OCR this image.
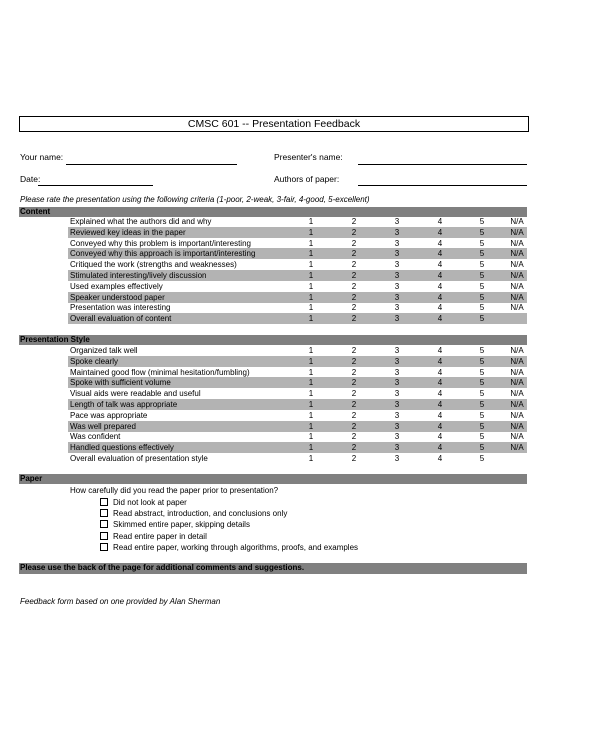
CMSC 601 -- Presentation Feedback
Your name:	Presenter's name:
Date:	Authors of paper:
Please rate the presentation using the following criteria (1-poor, 2-weak, 3-fair, 4-good, 5-excellent)
Content
Explained what the authors did and why	1	2	3	4	5	N/A
Reviewed key ideas in the paper	1	2	3	4	5	N/A
Conveyed why this problem is important/interesting	1	2	3	4	5	N/A
Conveyed why this approach is important/interesting	1	2	3	4	5	N/A
Critiqued the work (strengths and weaknesses)	1	2	3	4	5	N/A
Stimulated interesting/lively discussion	1	2	3	4	5	N/A
Used examples effectively	1	2	3	4	5	N/A
Speaker understood paper	1	2	3	4	5	N/A
Presentation was interesting	1	2	3	4	5	N/A
Overall evaluation of content	1	2	3	4	5
Presentation Style
Organized talk well	1	2	3	4	5	N/A
Spoke clearly	1	2	3	4	5	N/A
Maintained good flow (minimal hesitation/fumbling)	1	2	3	4	5	N/A
Spoke with sufficient volume	1	2	3	4	5	N/A
Visual aids were readable and useful	1	2	3	4	5	N/A
Length of talk was appropriate	1	2	3	4	5	N/A
Pace was appropriate	1	2	3	4	5	N/A
Was well prepared	1	2	3	4	5	N/A
Was confident	1	2	3	4	5	N/A
Handled questions effectively	1	2	3	4	5	N/A
Overall evaluation of presentation style	1	2	3	4	5
Paper
How carefully did you read the paper prior to presentation?
Did not look at paper
Read abstract, introduction, and conclusions only
Skimmed entire paper, skipping details
Read entire paper in detail
Read entire paper, working through algorithms, proofs, and examples
Please use the back of the page for additional comments and suggestions.
Feedback form based on one provided by Alan Sherman
